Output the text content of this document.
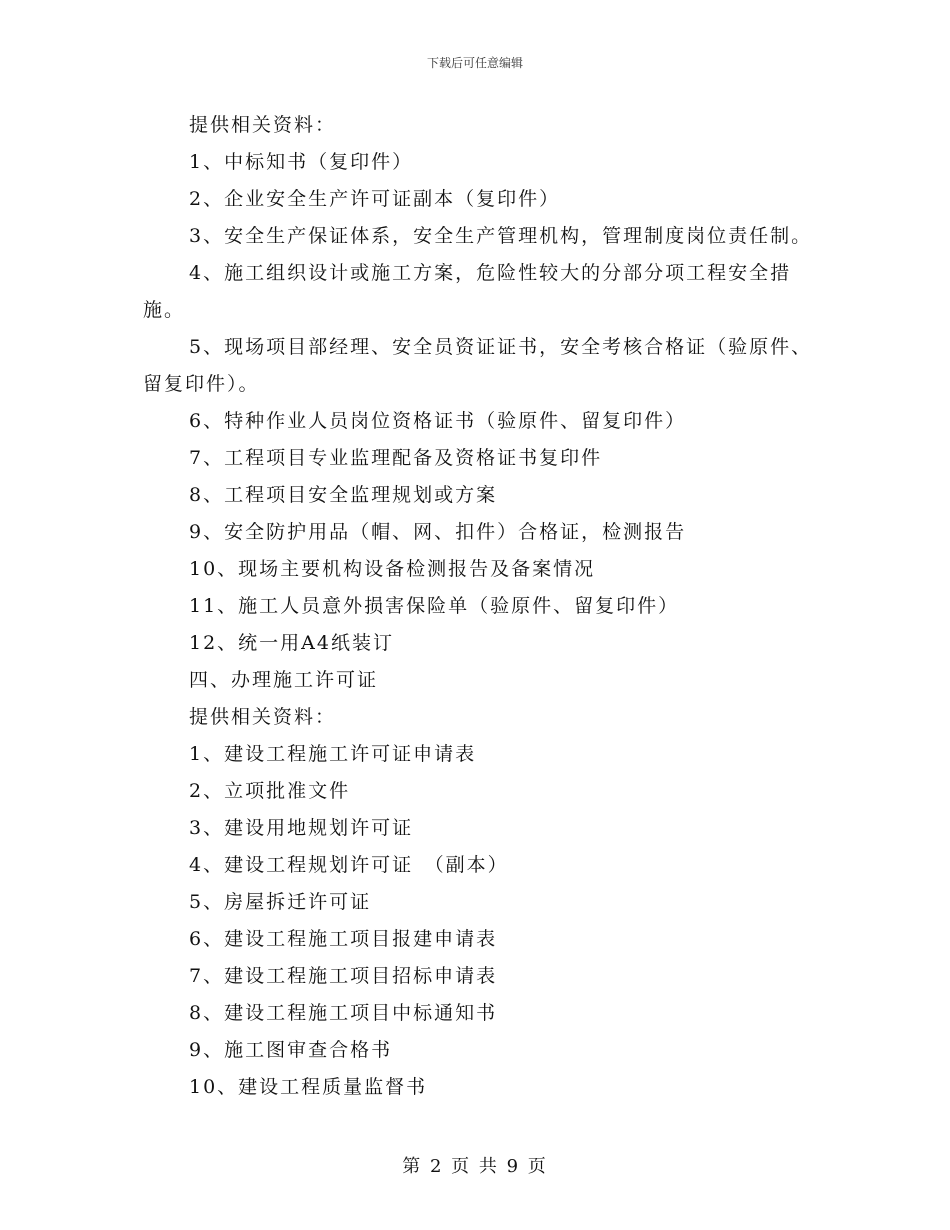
下载后可任意编辑

提供相关资料：

1、中标知书（复印件）

2、企业安全生产许可证副本（复印件）

3、安全生产保证体系，安全生产管理机构，管理制度岗位责任制。

4、施工组织设计或施工方案，危险性较大的分部分项工程安全措施。

5、现场项目部经理、安全员资证证书，安全考核合格证（验原件、留复印件）。

6、特种作业人员岗位资格证书（验原件、留复印件）

7、工程项目专业监理配备及资格证书复印件

8、工程项目安全监理规划或方案

9、安全防护用品（帽、网、扣件）合格证，检测报告

10、现场主要机构设备检测报告及备案情况

11、施工人员意外损害保险单（验原件、留复印件）

12、统一用A4纸装订

四、办理施工许可证

提供相关资料：

1、建设工程施工许可证申请表

2、立项批准文件

3、建设用地规划许可证

4、建设工程规划许可证　（副本）

5、房屋拆迁许可证

6、建设工程施工项目报建申请表

7、建设工程施工项目招标申请表

8、建设工程施工项目中标通知书

9、施工图审查合格书

10、建设工程质量监督书

第 2 页 共 9 页
